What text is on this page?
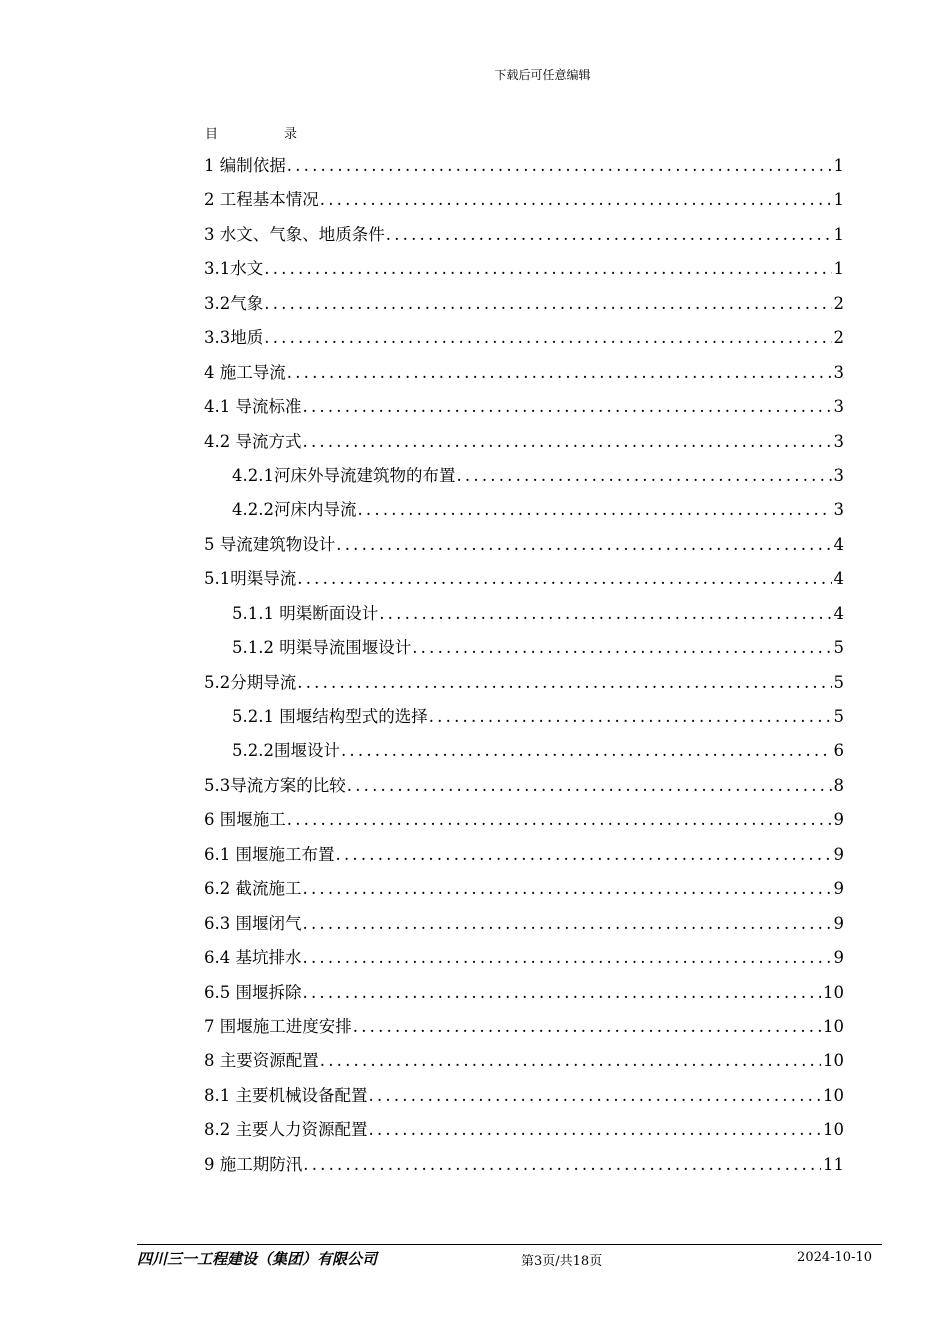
下载后可任意编辑
目	录
1 编制依据 .....	1
2 工程基本情况 .....	1
3 水文、气象、地质条件 .....	1
3.1水文 .....	1
3.2气象 .....	2
3.3地质 .....	2
4 施工导流 .....	3
4.1 导流标准 .....	3
4.2 导流方式 .....	3
4.2.1河床外导流建筑物的布置 .....	3
4.2.2河床内导流 .....	3
5 导流建筑物设计 .....	4
5.1明渠导流 .....	4
5.1.1 明渠断面设计 .....	4
5.1.2 明渠导流围堰设计 .....	5
5.2分期导流 .....	5
5.2.1 围堰结构型式的选择 .....	5
5.2.2围堰设计 .....	6
5.3导流方案的比较 .....	8
6 围堰施工 .....	9
6.1 围堰施工布置 .....	9
6.2 截流施工 .....	9
6.3 围堰闭气 .....	9
6.4 基坑排水 .....	9
6.5 围堰拆除 .....	10
7 围堰施工进度安排 .....	10
8 主要资源配置 .....	10
8.1 主要机械设备配置 .....	10
8.2 主要人力资源配置 .....	10
9 施工期防汛 .....	11
四川三一工程建设（集团）有限公司	第3页/共18页	2024-10-10
